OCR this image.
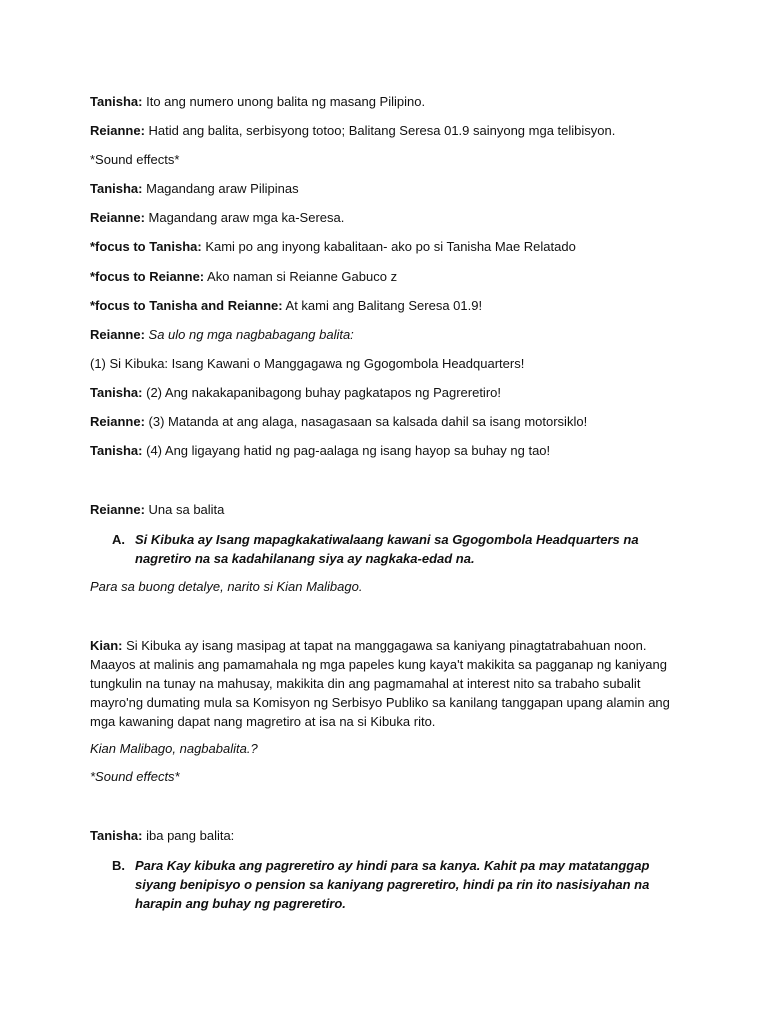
Tanisha: Ito ang numero unong balita ng masang Pilipino.
Reianne: Hatid ang balita, serbisyong totoo; Balitang Seresa 01.9 sainyong mga telibisyon.
*Sound effects*
Tanisha: Magandang araw Pilipinas
Reianne: Magandang araw mga ka-Seresa.
*focus to Tanisha: Kami po ang inyong kabalitaan- ako po si Tanisha Mae Relatado
*focus to Reianne: Ako naman si Reianne Gabuco z
*focus to Tanisha and Reianne: At kami ang Balitang Seresa 01.9!
Reianne: Sa ulo ng mga nagbabagang balita:
(1) Si Kibuka: Isang Kawani o Manggagawa ng Ggogombola Headquarters!
Tanisha: (2) Ang nakakapanibagong buhay pagkatapos ng Pagreretiro!
Reianne: (3) Matanda at ang alaga, nasagasaan sa kalsada dahil sa isang motorsiklo!
Tanisha: (4) Ang ligayang hatid ng pag-aalaga ng isang hayop sa buhay ng tao!
Reianne: Una sa balita
A. Si Kibuka ay Isang mapagkakatiwalaang kawani sa Ggogombola Headquarters na nagretiro na sa kadahilanang siya ay nagkaka-edad na.
Para sa buong detalye, narito si Kian Malibago.
Kian: Si Kibuka ay isang masipag at tapat na manggagawa sa kaniyang pinagtatrabahuan noon. Maayos at malinis ang pamamahala ng mga papeles kung kaya't makikita sa pagganap ng kaniyang tungkulin na tunay na mahusay, makikita din ang pagmamahal at interest nito sa trabaho subalit mayro'ng dumating mula sa Komisyon ng Serbisyo Publiko sa kanilang tanggapan upang alamin ang mga kawaning dapat nang magretiro at isa na si Kibuka rito.
Kian Malibago, nagbabalita.?
*Sound effects*
Tanisha: iba pang balita:
B. Para Kay kibuka ang pagreretiro ay hindi para sa kanya. Kahit pa may matatanggap siyang benipisyo o pension sa kaniyang pagreretiro, hindi pa rin ito nasisiyahan na harapin ang buhay ng pagreretiro.
